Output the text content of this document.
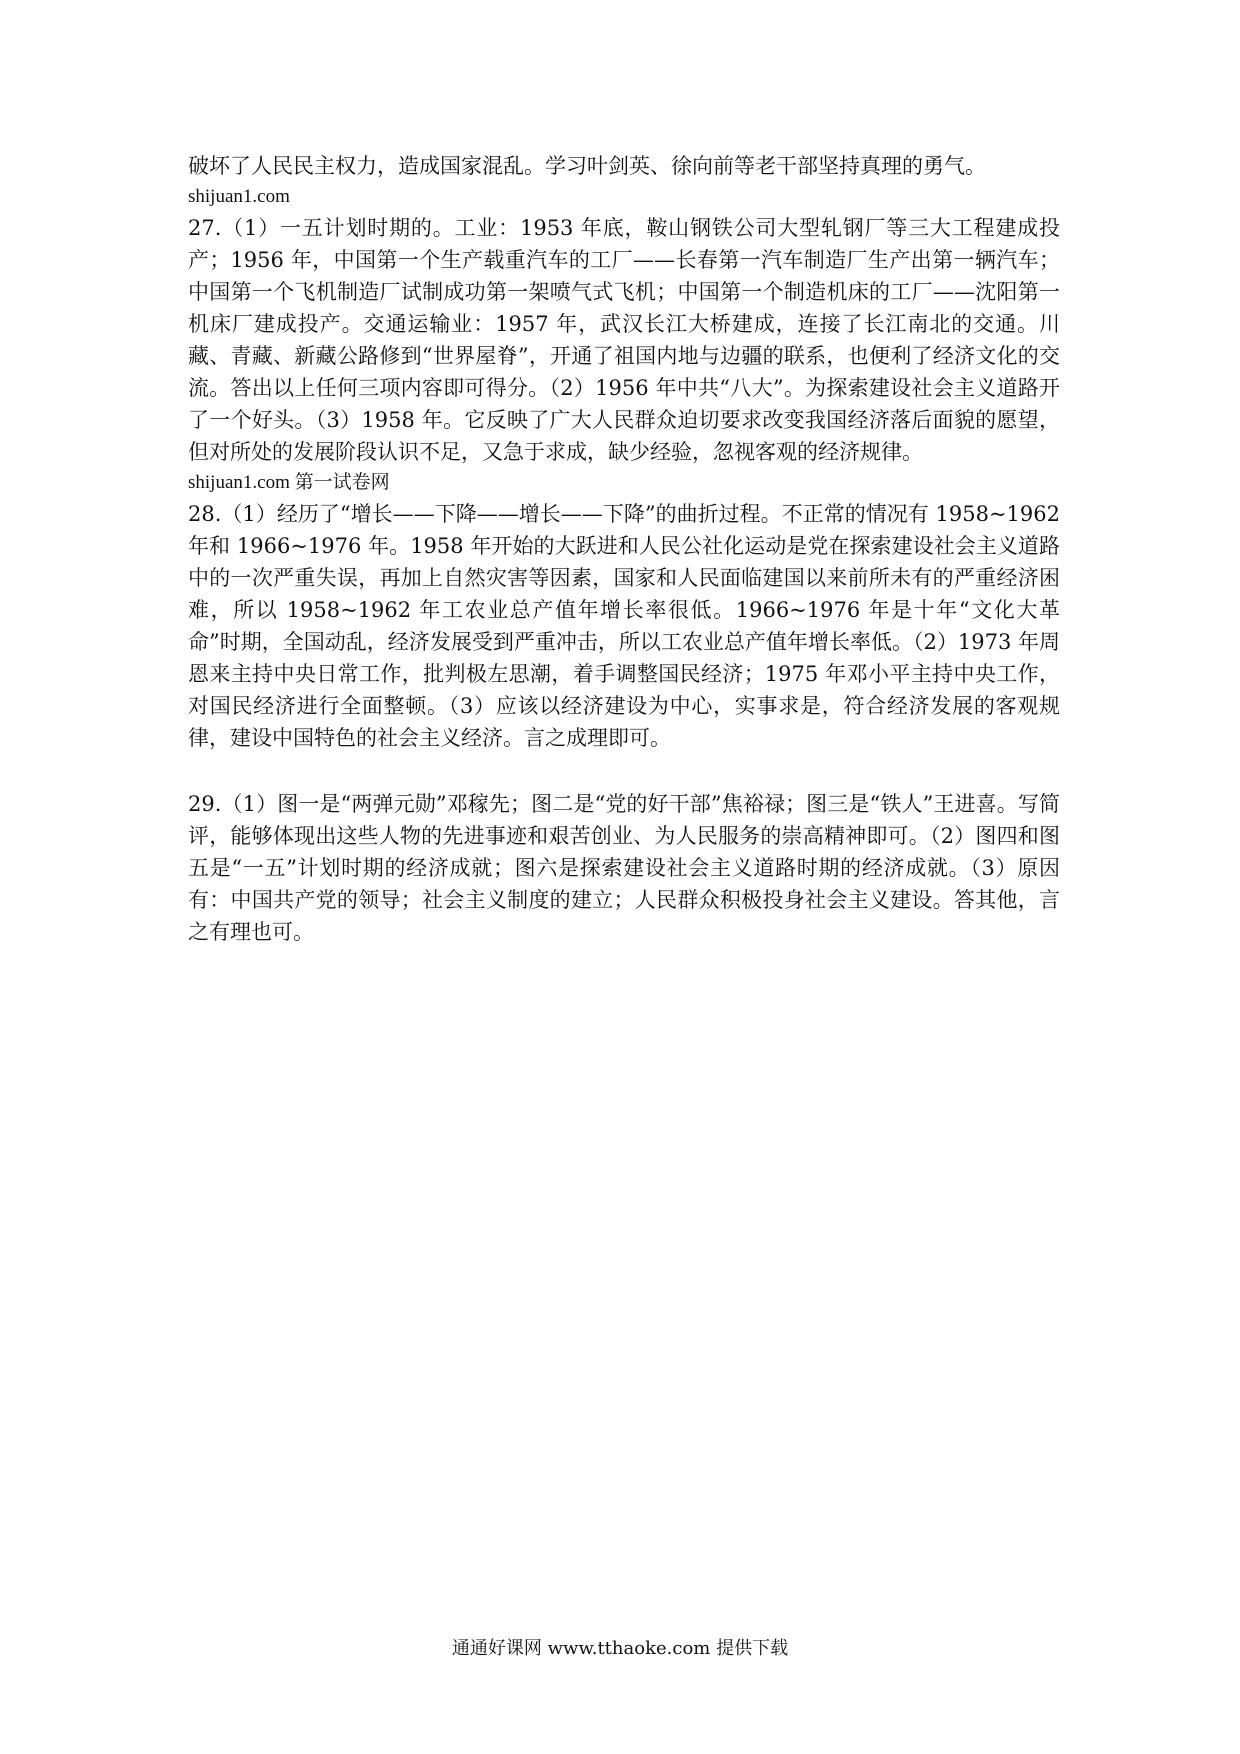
破坏了人民民主权力，造成国家混乱。学习叶剑英、徐向前等老干部坚持真理的勇气。

shijuan1.com

27.（1）一五计划时期的。工业：1953 年底，鞍山钢铁公司大型轧钢厂等三大工程建成投产；1956 年，中国第一个生产载重汽车的工厂——长春第一汽车制造厂生产出第一辆汽车；中国第一个飞机制造厂试制成功第一架喷气式飞机；中国第一个制造机床的工厂——沈阳第一机床厂建成投产。交通运输业：1957 年，武汉长江大桥建成，连接了长江南北的交通。川藏、青藏、新藏公路修到“世界屋脊”，开通了祖国内地与边疆的联系，也便利了经济文化的交流。答出以上任何三项内容即可得分。（2）1956 年中共“八大”。为探索建设社会主义道路开了一个好头。（3）1958 年。它反映了广大人民群众迫切要求改变我国经济落后面貌的愿望，但对所处的发展阶段认识不足，又急于求成，缺少经验，忽视客观的经济规律。

shijuan1.com 第一试卷网

28.（1）经历了“增长——下降——增长——下降”的曲折过程。不正常的情况有 1958~1962 年和 1966~1976 年。1958 年开始的大跃进和人民公社化运动是党在探索建设社会主义道路中的一次严重失误，再加上自然灾害等因素，国家和人民面临建国以来前所未有的严重经济困难，所以 1958~1962 年工农业总产值年增长率很低。1966~1976 年是十年“文化大革命”时期，全国动乱，经济发展受到严重冲击，所以工农业总产值年增长率低。（2）1973 年周恩来主持中央日常工作，批判极左思潮，着手调整国民经济；1975 年邓小平主持中央工作，对国民经济进行全面整顿。（3）应该以经济建设为中心，实事求是，符合经济发展的客观规律，建设中国特色的社会主义经济。言之成理即可。

29.（1）图一是“两弹元勋”邓稼先；图二是“党的好干部”焦裕禄；图三是“铁人”王进喜。写简评，能够体现出这些人物的先进事迹和艰苦创业、为人民服务的崇高精神即可。（2）图四和图五是“一五”计划时期的经济成就；图六是探索建设社会主义道路时期的经济成就。（3）原因有：中国共产党的领导；社会主义制度的建立；人民群众积极投身社会主义建设。答其他，言之有理也可。

通通好课网 www.tthaoke.com 提供下载
